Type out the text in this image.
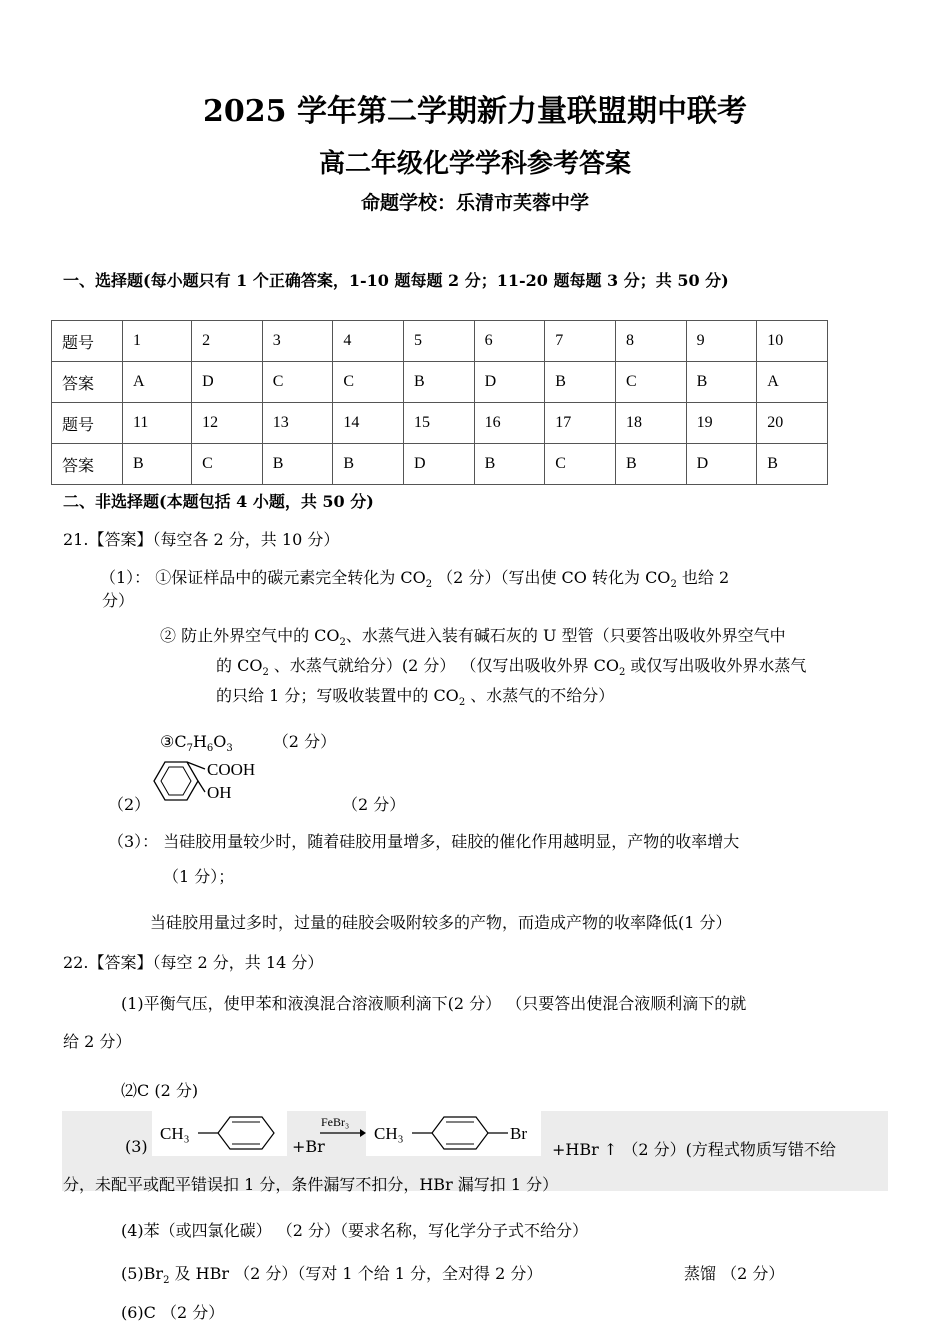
2025 学年第二学期新力量联盟期中联考
高二年级化学学科参考答案
命题学校：乐清市芙蓉中学
一、选择题(每小题只有 1 个正确答案，1-10 题每题 2 分；11-20 题每题 3 分；共 50 分)
题号	1	2	3	4	5	6	7	8	9	10
答案	A	D	C	C	B	D	B	C	B	A
题号	11	12	13	14	15	16	17	18	19	20
答案	B	C	B	B	D	B	C	B	D	B
二、非选择题(本题包括 4 小题，共 50 分)
21.【答案】（每空各 2 分，共 10 分）
（1）： ①保证样品中的碳元素完全转化为 $CO_2$ （2 分）（写出使 CO 转化为 $CO_2$ 也给 2
分）
② 防止外界空气中的 $CO_2$、水蒸气进入装有碱石灰的 U 型管（只要答出吸收外界空气中
的 $CO_2$ 、水蒸气就给分）(2 分） （仅写出吸收外界 $CO_2$ 或仅写出吸收外界水蒸气
的只给 1 分；写吸收装置中的 $CO_2$ 、水蒸气的不给分）
$③C_7H_6O_3$	（2 分）
（2）
COOH
OH
（2 分）
（3）： 当硅胶用量较少时，随着硅胶用量增多，硅胶的催化作用越明显，产物的收率增大
（1 分）；
当硅胶用量过多时，过量的硅胶会吸附较多的产物，而造成产物的收率降低(1 分）
22.【答案】（每空 2 分，共 14 分）
(1)平衡气压，使甲苯和液溴混合溶液顺利滴下(2 分） （只要答出使混合液顺利滴下的就
给 2 分）
⑵C (2 分)
(3)
CH₃
+Br
FeBr₃
CH₃	Br
+HBr ↑ （2 分）(方程式物质写错不给
分，未配平或配平错误扣 1 分，条件漏写不扣分，HBr 漏写扣 1 分）
(4)苯（或四氯化碳） （2 分）（要求名称，写化学分子式不给分）
$(5)Br_2$ 及 HBr （2 分）（写对 1 个给 1 分，全对得 2 分）	蒸馏 （2 分）
(6)C （2 分）
